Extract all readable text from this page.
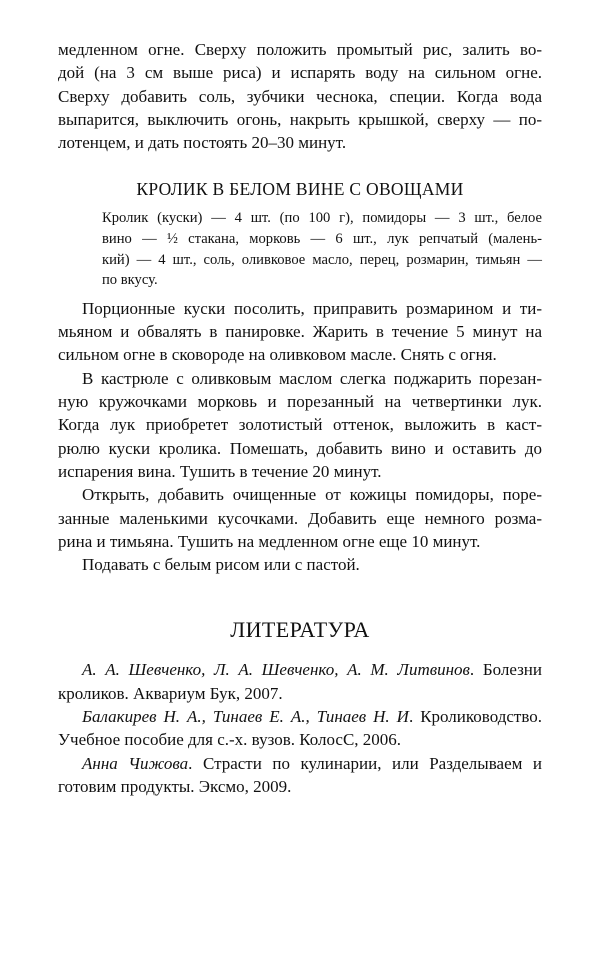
медленном огне. Сверху положить промытый рис, залить во-
дой (на 3 см выше риса) и испарять воду на сильном огне.
Сверху добавить соль, зубчики чеснока, специи. Когда вода
выпарится, выключить огонь, накрыть крышкой, сверху — по-
лотенцем, и дать постоять 20–30 минут.
КРОЛИК В БЕЛОМ ВИНЕ С ОВОЩАМИ
Кролик (куски) — 4 шт. (по 100 г), помидоры — 3 шт., белое
вино — ½ стакана, морковь — 6 шт., лук репчатый (малень-
кий) — 4 шт., соль, оливковое масло, перец, розмарин, тимьян —
по вкусу.
Порционные куски посолить, приправить розмарином и ти-
мьяном и обвалять в панировке. Жарить в течение 5 минут на
сильном огне в сковороде на оливковом масле. Снять с огня.
В кастрюле с оливковым маслом слегка поджарить порезан-
ную кружочками морковь и порезанный на четвертинки лук.
Когда лук приобретет золотистый оттенок, выложить в каст-
рюлю куски кролика. Помешать, добавить вино и оставить до
испарения вина. Тушить в течение 20 минут.
Открыть, добавить очищенные от кожицы помидоры, поре-
занные маленькими кусочками. Добавить еще немного розма-
рина и тимьяна. Тушить на медленном огне еще 10 минут.
Подавать с белым рисом или с пастой.
ЛИТЕРАТУРА
А. А. Шевченко, Л. А. Шевченко, А. М. Литвинов. Болезни
кроликов. Аквариум Бук, 2007.
Балакирев Н. А., Тинаев Е. А., Тинаев Н. И. Кролиководство.
Учебное пособие для с.-х. вузов. КолосС, 2006.
Анна Чижова. Страсти по кулинарии, или Разделываем и
готовим продукты. Эксмо, 2009.
